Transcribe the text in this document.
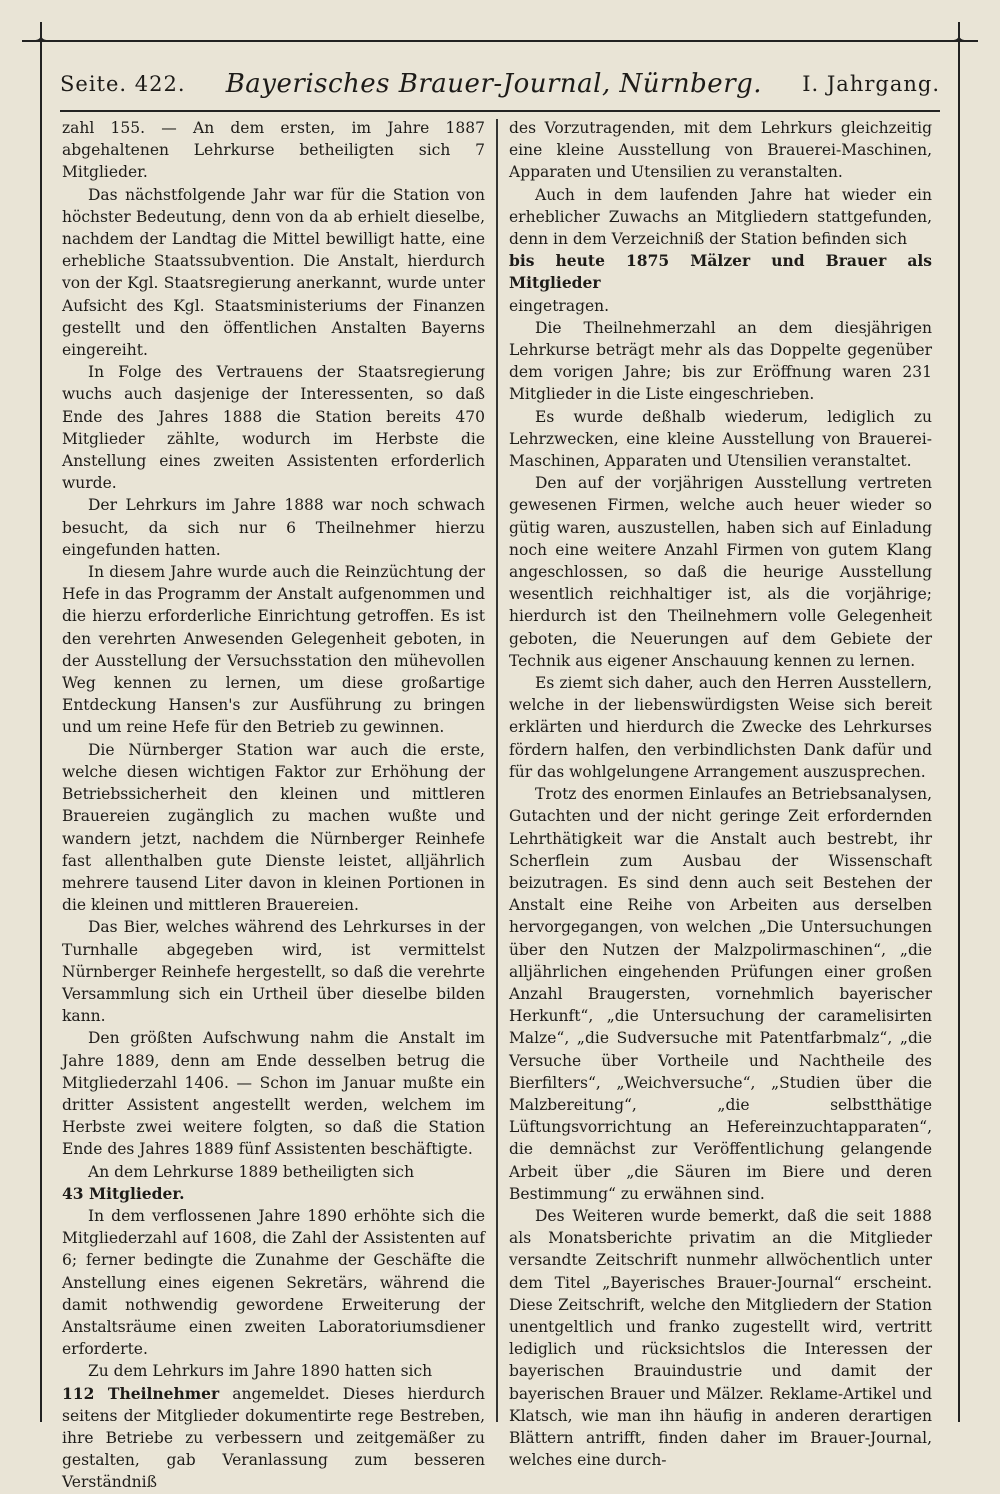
✦	✦
Seite. 422. Bayerisches Brauer-Journal, Nürnberg. I. Jahrgang.

zahl 155. — An dem ersten, im Jahre 1887 abgehaltenen Lehrkurse betheiligten sich 7 Mitglieder.

Das nächstfolgende Jahr war für die Station von höchster Bedeutung, denn von da ab erhielt dieselbe, nachdem der Landtag die Mittel bewilligt hatte, eine erhebliche Staatssubvention. Die Anstalt, hierdurch von der Kgl. Staatsregierung anerkannt, wurde unter Aufsicht des Kgl. Staatsministeriums der Finanzen gestellt und den öffentlichen Anstalten Bayerns eingereiht.

In Folge des Vertrauens der Staatsregierung wuchs auch dasjenige der Interessenten, so daß Ende des Jahres 1888 die Station bereits 470 Mitglieder zählte, wodurch im Herbste die Anstellung eines zweiten Assistenten erforderlich wurde.

Der Lehrkurs im Jahre 1888 war noch schwach besucht, da sich nur 6 Theilnehmer hierzu eingefunden hatten.

In diesem Jahre wurde auch die Reinzüchtung der Hefe in das Programm der Anstalt aufgenommen und die hierzu erforderliche Einrichtung getroffen. Es ist den verehrten Anwesenden Gelegenheit geboten, in der Ausstellung der Versuchsstation den mühevollen Weg kennen zu lernen, um diese großartige Entdeckung Hansen's zur Ausführung zu bringen und um reine Hefe für den Betrieb zu gewinnen.

Die Nürnberger Station war auch die erste, welche diesen wichtigen Faktor zur Erhöhung der Betriebssicherheit den kleinen und mittleren Brauereien zugänglich zu machen wußte und wandern jetzt, nachdem die Nürnberger Reinhefe fast allenthalben gute Dienste leistet, alljährlich mehrere tausend Liter davon in kleinen Portionen in die kleinen und mittleren Brauereien.

Das Bier, welches während des Lehrkurses in der Turnhalle abgegeben wird, ist vermittelst Nürnberger Reinhefe hergestellt, so daß die verehrte Versammlung sich ein Urtheil über dieselbe bilden kann.

Den größten Aufschwung nahm die Anstalt im Jahre 1889, denn am Ende desselben betrug die Mitgliederzahl 1406. — Schon im Januar mußte ein dritter Assistent angestellt werden, welchem im Herbste zwei weitere folgten, so daß die Station Ende des Jahres 1889 fünf Assistenten beschäftigte.

An dem Lehrkurse 1889 betheiligten sich

43 Mitglieder.

In dem verflossenen Jahre 1890 erhöhte sich die Mitgliederzahl auf 1608, die Zahl der Assistenten auf 6; ferner bedingte die Zunahme der Geschäfte die Anstellung eines eigenen Sekretärs, während die damit nothwendig gewordene Erweiterung der Anstaltsräume einen zweiten Laboratoriumsdiener erforderte.

Zu dem Lehrkurs im Jahre 1890 hatten sich

112 Theilnehmer angemeldet. Dieses hierdurch seitens der Mitglieder dokumentirte rege Bestreben, ihre Betriebe zu verbessern und zeitgemäßer zu gestalten, gab Veranlassung zum besseren Verständniß

des Vorzutragenden, mit dem Lehrkurs gleichzeitig eine kleine Ausstellung von Brauerei-Maschinen, Apparaten und Utensilien zu veranstalten.

Auch in dem laufenden Jahre hat wieder ein erheblicher Zuwachs an Mitgliedern stattgefunden, denn in dem Verzeichniß der Station befinden sich

bis heute 1875 Mälzer und Brauer als Mitglieder

eingetragen.

Die Theilnehmerzahl an dem diesjährigen Lehrkurse beträgt mehr als das Doppelte gegenüber dem vorigen Jahre; bis zur Eröffnung waren 231 Mitglieder in die Liste eingeschrieben.

Es wurde deßhalb wiederum, lediglich zu Lehrzwecken, eine kleine Ausstellung von Brauerei-Maschinen, Apparaten und Utensilien veranstaltet.

Den auf der vorjährigen Ausstellung vertreten gewesenen Firmen, welche auch heuer wieder so gütig waren, auszustellen, haben sich auf Einladung noch eine weitere Anzahl Firmen von gutem Klang angeschlossen, so daß die heurige Ausstellung wesentlich reichhaltiger ist, als die vorjährige; hierdurch ist den Theilnehmern volle Gelegenheit geboten, die Neuerungen auf dem Gebiete der Technik aus eigener Anschauung kennen zu lernen.

Es ziemt sich daher, auch den Herren Ausstellern, welche in der liebenswürdigsten Weise sich bereit erklärten und hierdurch die Zwecke des Lehrkurses fördern halfen, den verbindlichsten Dank dafür und für das wohlgelungene Arrangement auszusprechen.

Trotz des enormen Einlaufes an Betriebsanalysen, Gutachten und der nicht geringe Zeit erfordernden Lehrthätigkeit war die Anstalt auch bestrebt, ihr Scherflein zum Ausbau der Wissenschaft beizutragen. Es sind denn auch seit Bestehen der Anstalt eine Reihe von Arbeiten aus derselben hervorgegangen, von welchen „Die Untersuchungen über den Nutzen der Malzpolirmaschinen“, „die alljährlichen eingehenden Prüfungen einer großen Anzahl Braugersten, vornehmlich bayerischer Herkunft“, „die Untersuchung der caramelisirten Malze“, „die Sudversuche mit Patentfarbmalz“, „die Versuche über Vortheile und Nachtheile des Bierfilters“, „Weichversuche“, „Studien über die Malzbereitung“, „die selbstthätige Lüftungsvorrichtung an Hefereinzuchtapparaten“, die demnächst zur Veröffentlichung gelangende Arbeit über „die Säuren im Biere und deren Bestimmung“ zu erwähnen sind.

Des Weiteren wurde bemerkt, daß die seit 1888 als Monatsberichte privatim an die Mitglieder versandte Zeitschrift nunmehr allwöchentlich unter dem Titel „Bayerisches Brauer-Journal“ erscheint. Diese Zeitschrift, welche den Mitgliedern der Station unentgeltlich und franko zugestellt wird, vertritt lediglich und rücksichtslos die Interessen der bayerischen Brauindustrie und damit der bayerischen Brauer und Mälzer. Reklame-Artikel und Klatsch, wie man ihn häufig in anderen derartigen Blättern antrifft, finden daher im Brauer-Journal, welches eine durch-
